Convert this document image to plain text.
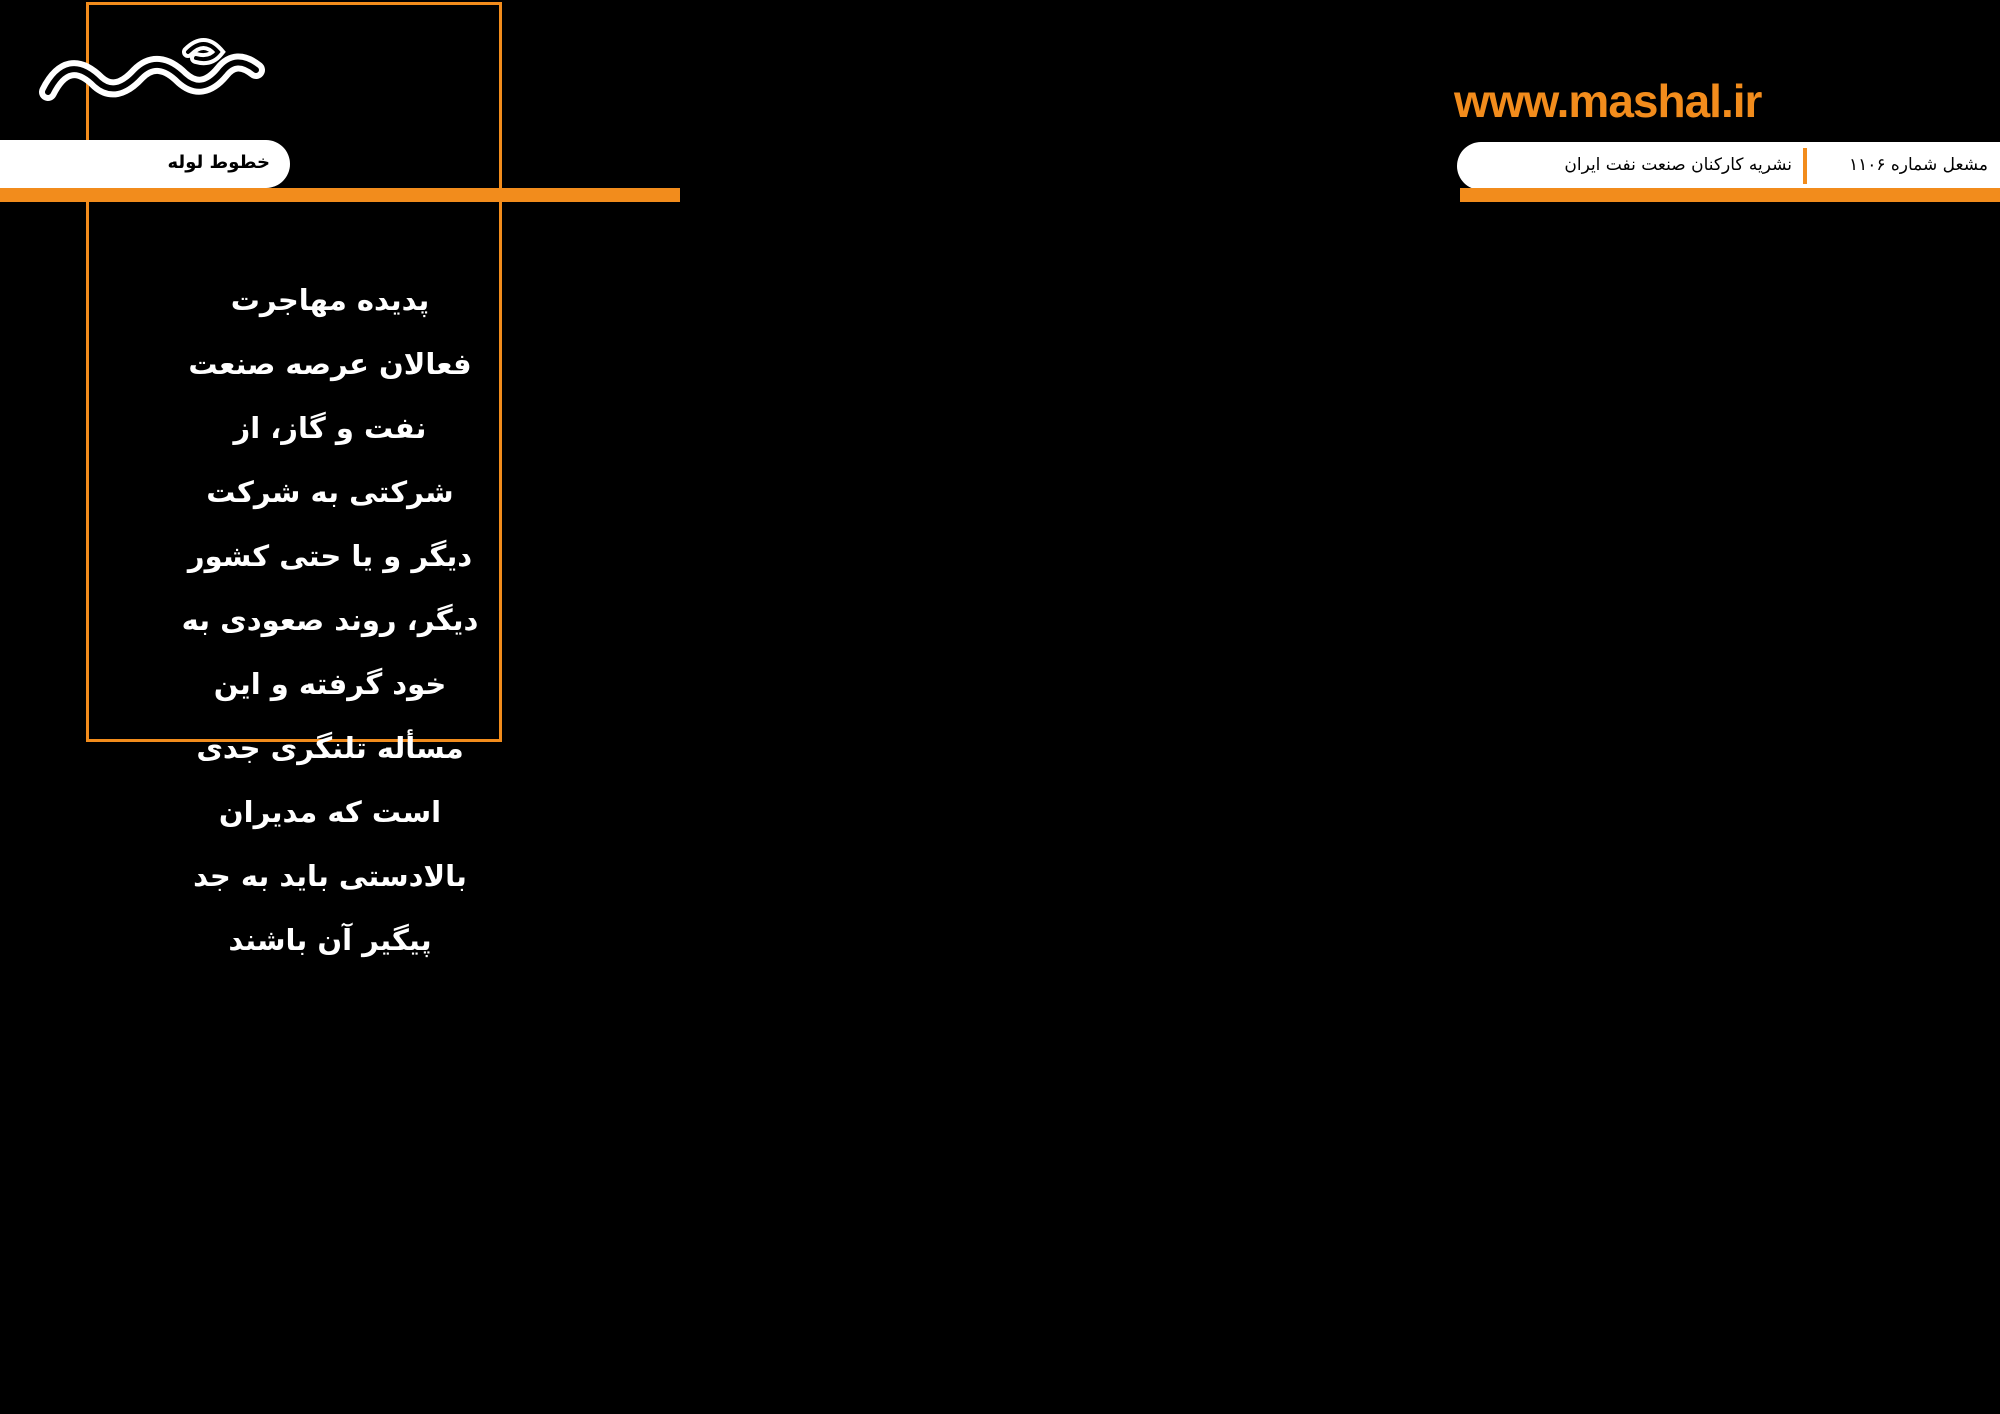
www.mashal.ir
خطوط لوله	مشعل شماره ۱۱۰۶
نشریه کارکنان صنعت نفت ایران
پدیده مهاجرت فعالان عرصه صنعت نفت و گاز، از شرکتی به شرکت دیگر و یا حتی کشور دیگر، روند صعودی به خود گرفته و این مسأله تلنگری جدی است که مدیران بالادستی باید به جد پیگیر آن باشند
